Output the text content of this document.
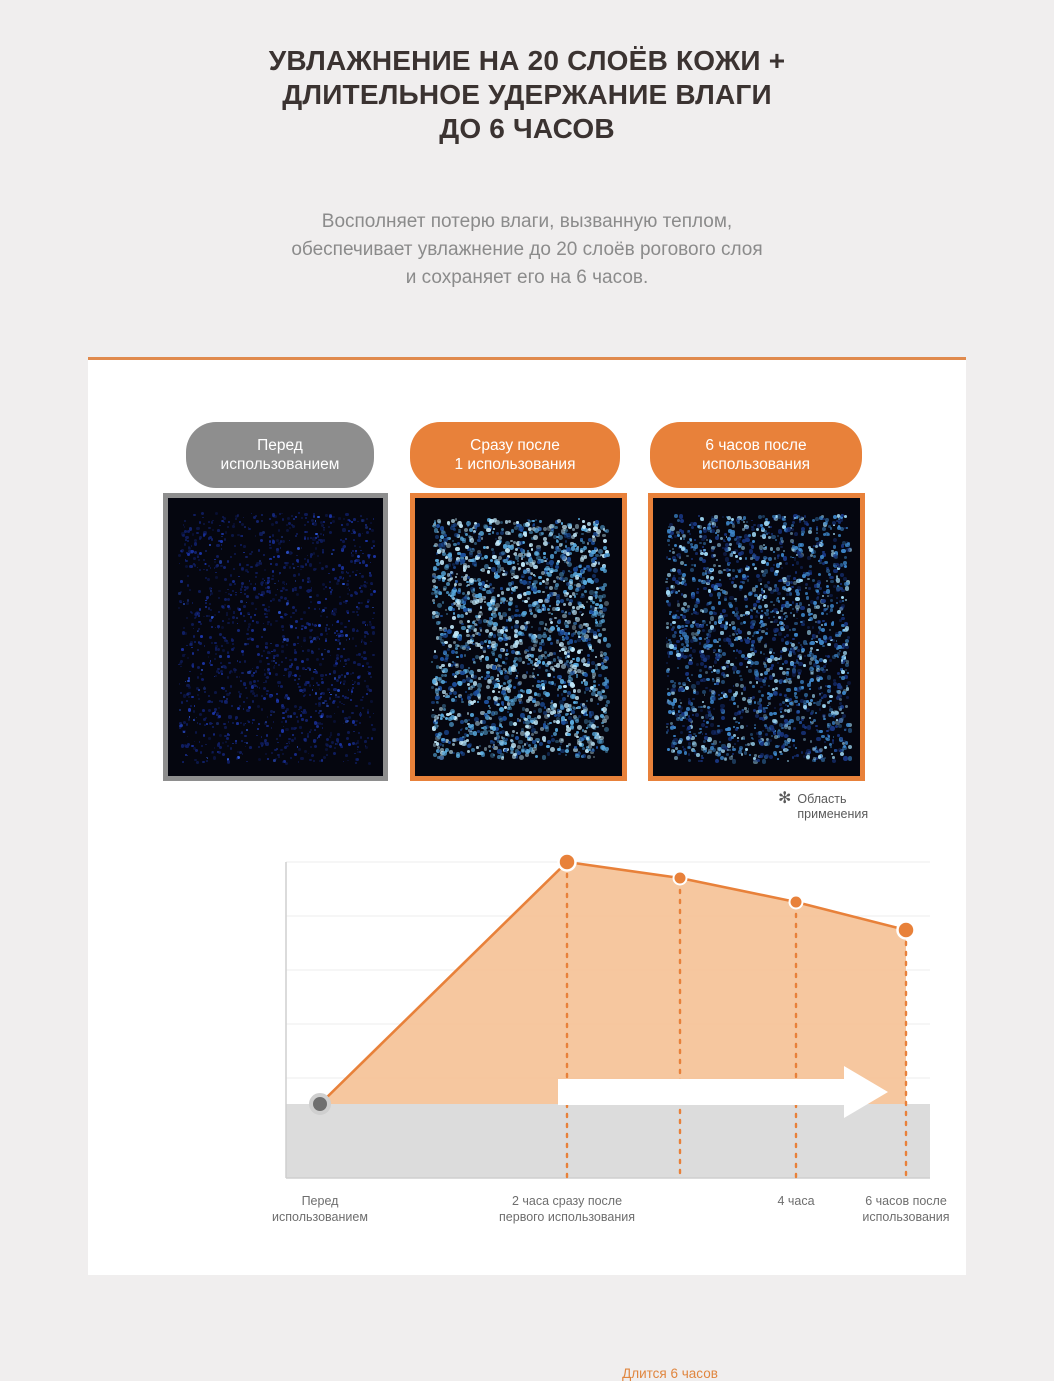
УВЛАЖНЕНИЕ НА 20 СЛОЁВ КОЖИ +
ДЛИТЕЛЬНОЕ УДЕРЖАНИЕ ВЛАГИ
ДО 6 ЧАСОВ
Восполняет потерю влаги, вызванную теплом,
обеспечивает увлажнение до 20 слоёв рогового слоя
и сохраняет его на 6 часов.
Перед
использованием
Сразу после
1 использования
6 часов после
использования
✻ Область
применения
Длится 6 часов
Перед
использованием
2 часа сразу после
первого использования
4 часа	6 часов после
использования
